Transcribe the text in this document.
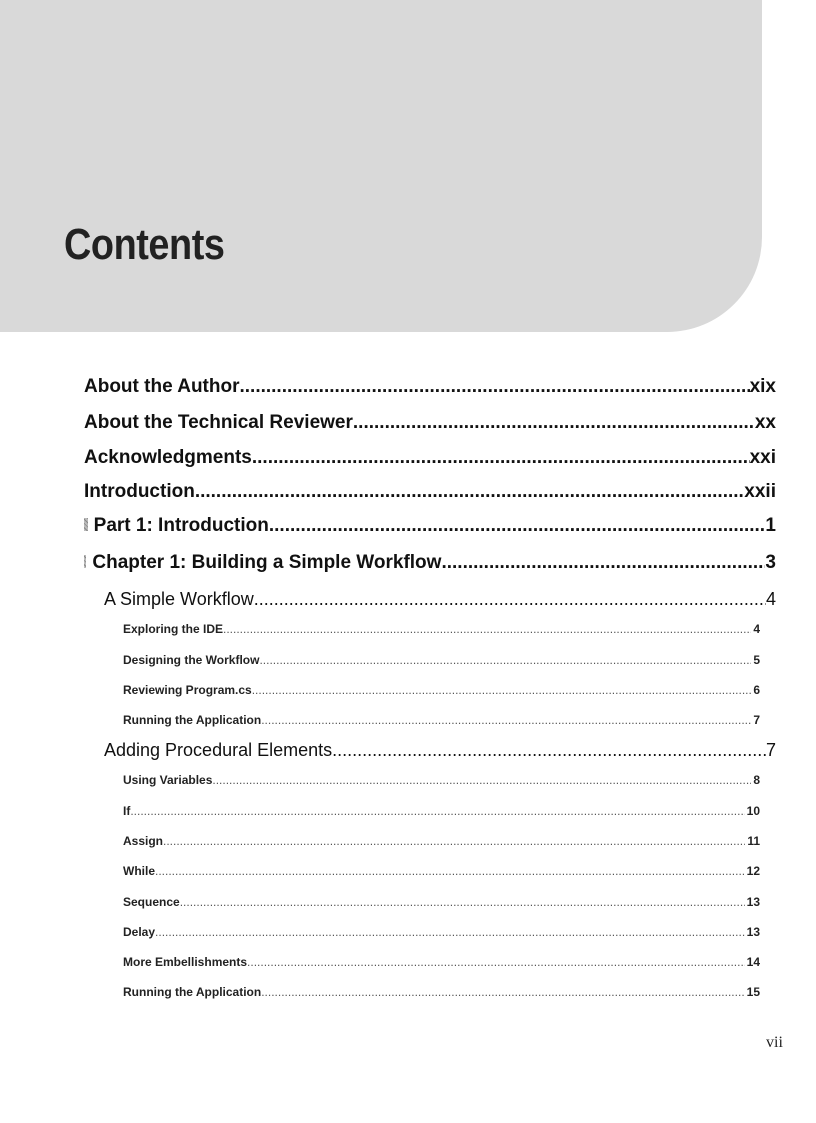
Contents
About the Author .....	xix
About the Technical Reviewer .....	xx
Acknowledgments .....	xxi
Introduction .....	xxii
Part 1: Introduction .....	1
Chapter 1: Building a Simple Workflow .....	3
A Simple Workflow .....	4
Exploring the IDE .....	4
Designing the Workflow .....	5
Reviewing Program.cs .....	6
Running the Application .....	7
Adding Procedural Elements .....	7
Using Variables .....	8
If .....	10
Assign .....	11
While .....	12
Sequence .....	13
Delay .....	13
More Embellishments .....	14
Running the Application .....	15
vii
